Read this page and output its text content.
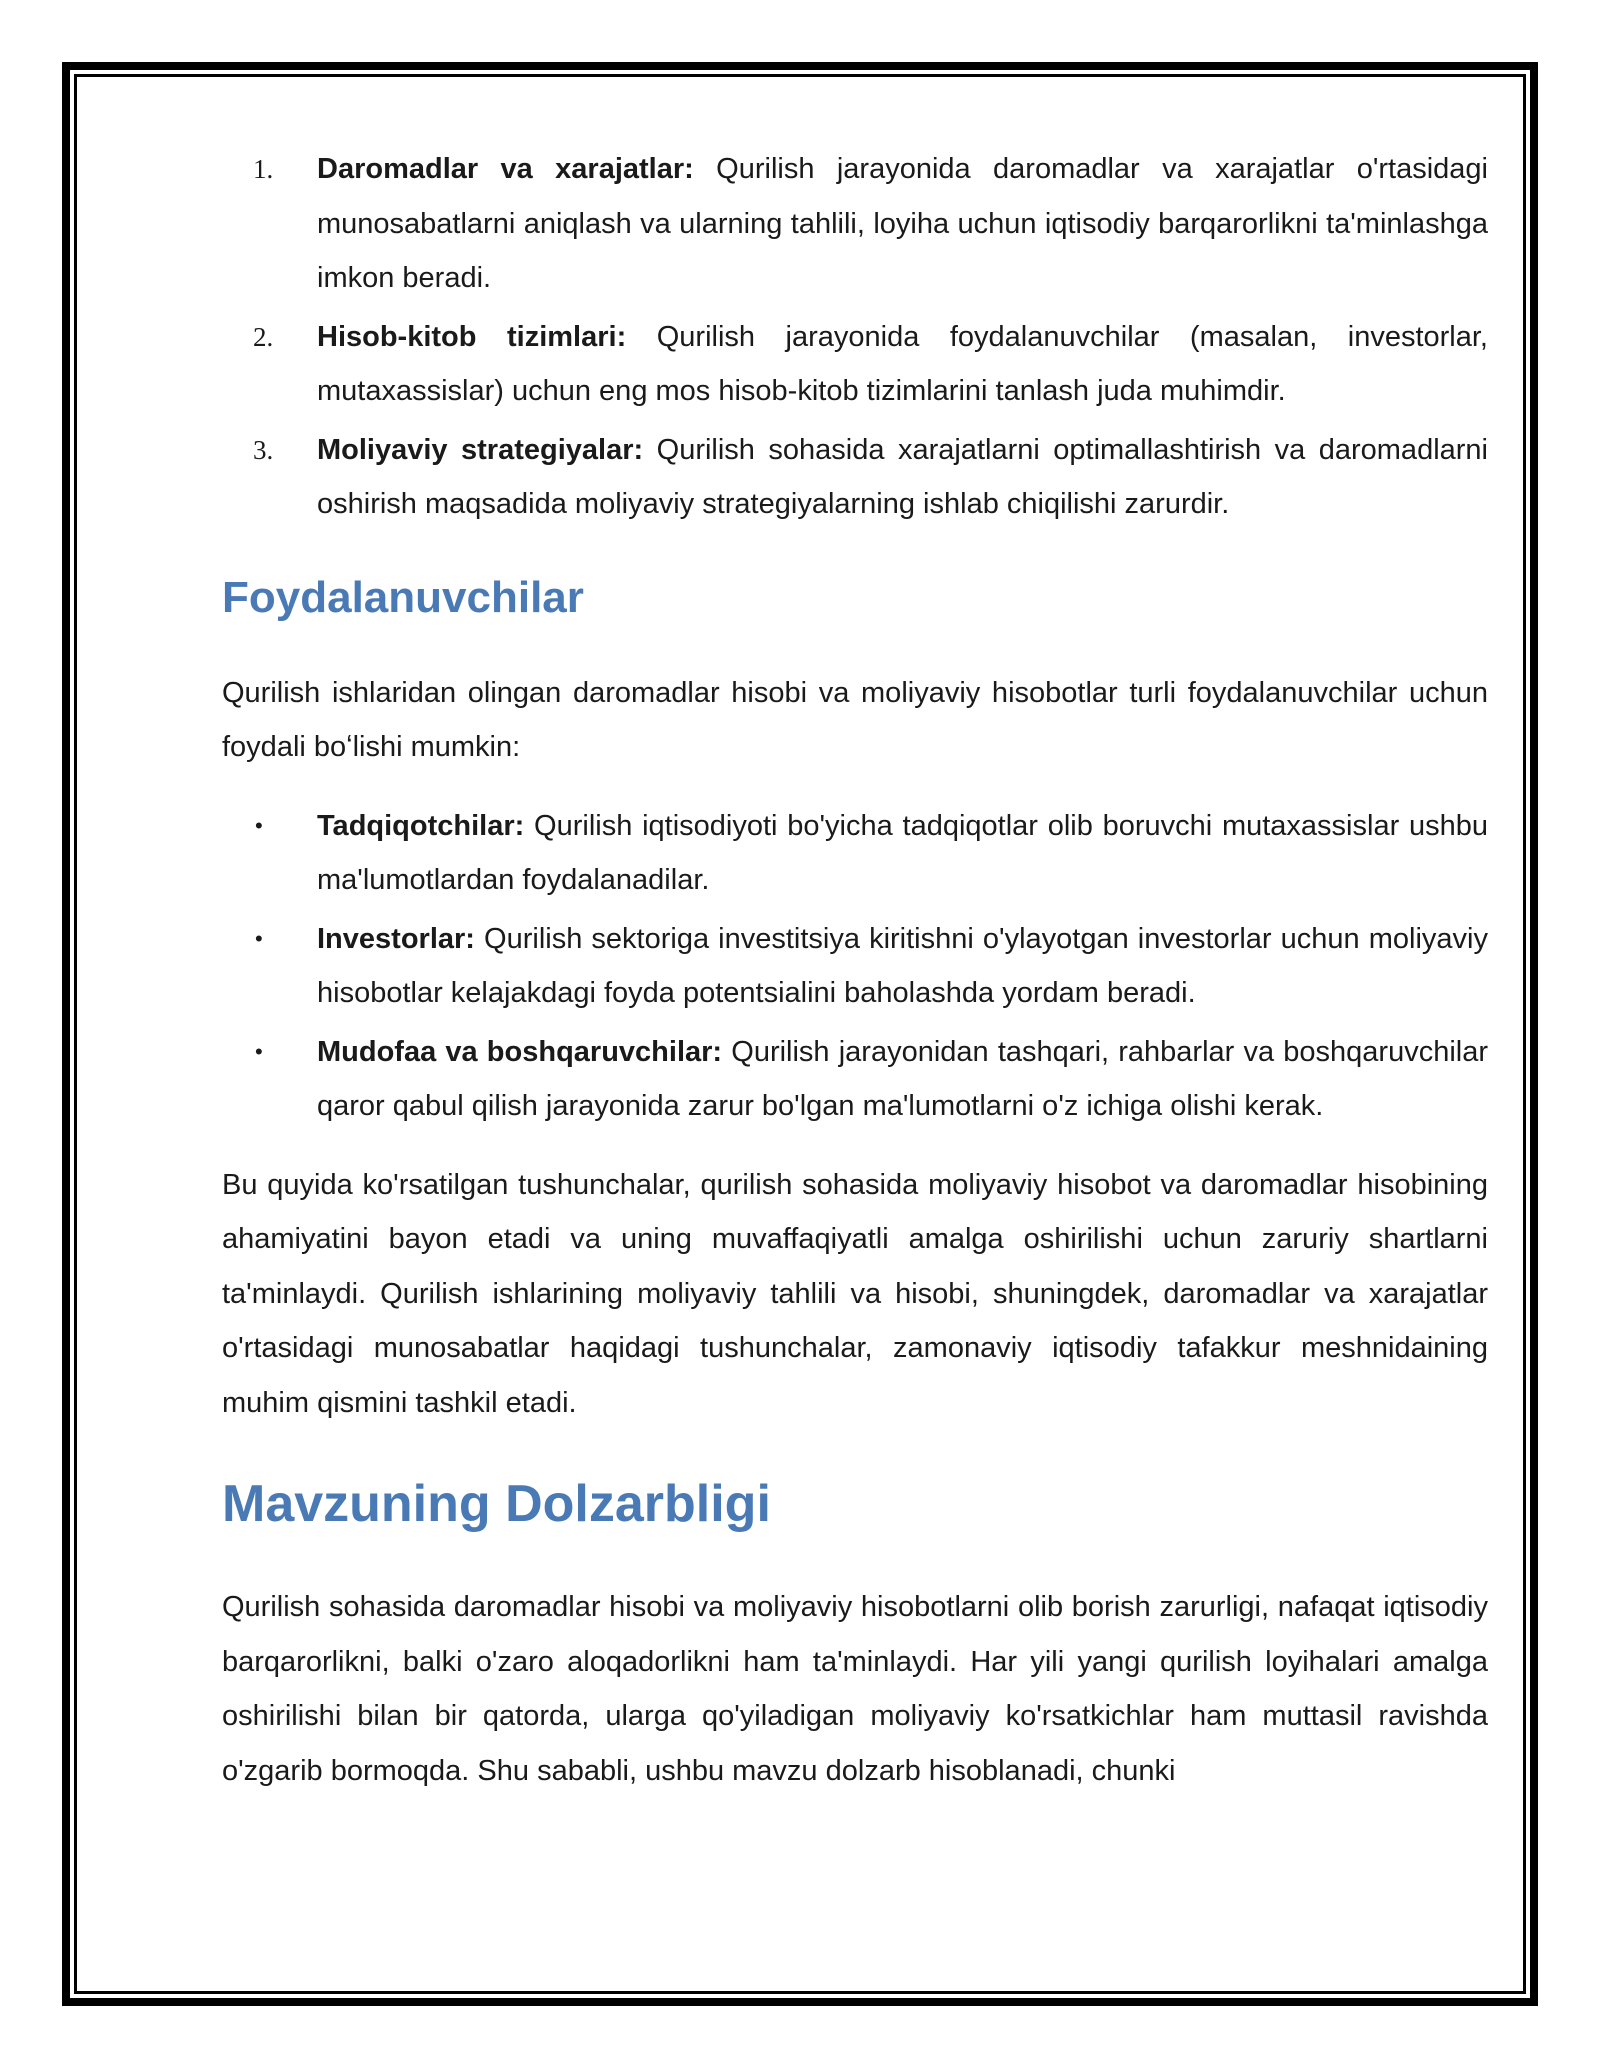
1. Daromadlar va xarajatlar: Qurilish jarayonida daromadlar va xarajatlar o'rtasidagi munosabatlarni aniqlash va ularning tahlili, loyiha uchun iqtisodiy barqarorlikni ta'minlashga imkon beradi.
2. Hisob-kitob tizimlari: Qurilish jarayonida foydalanuvchilar (masalan, investorlar, mutaxassislar) uchun eng mos hisob-kitob tizimlarini tanlash juda muhimdir.
3. Moliyaviy strategiyalar: Qurilish sohasida xarajatlarni optimallashtirish va daromadlarni oshirish maqsadida moliyaviy strategiyalarning ishlab chiqilishi zarurdir.
Foydalanuvchilar

Qurilish ishlaridan olingan daromadlar hisobi va moliyaviy hisobotlar turli foydalanuvchilar uchun foydali boʻlishi mumkin:

• Tadqiqotchilar: Qurilish iqtisodiyoti bo'yicha tadqiqotlar olib boruvchi mutaxassislar ushbu ma'lumotlardan foydalanadilar.
• Investorlar: Qurilish sektoriga investitsiya kiritishni o'ylayotgan investorlar uchun moliyaviy hisobotlar kelajakdagi foyda potentsialini baholashda yordam beradi.
• Mudofaa va boshqaruvchilar: Qurilish jarayonidan tashqari, rahbarlar va boshqaruvchilar qaror qabul qilish jarayonida zarur bo'lgan ma'lumotlarni o'z ichiga olishi kerak.

Bu quyida ko'rsatilgan tushunchalar, qurilish sohasida moliyaviy hisobot va daromadlar hisobining ahamiyatini bayon etadi va uning muvaffaqiyatli amalga oshirilishi uchun zaruriy shartlarni ta'minlaydi. Qurilish ishlarining moliyaviy tahlili va hisobi, shuningdek, daromadlar va xarajatlar o'rtasidagi munosabatlar haqidagi tushunchalar, zamonaviy iqtisodiy tafakkur meshnidaining muhim qismini tashkil etadi.

Mavzuning Dolzarbligi

Qurilish sohasida daromadlar hisobi va moliyaviy hisobotlarni olib borish zarurligi, nafaqat iqtisodiy barqarorlikni, balki o'zaro aloqadorlikni ham ta'minlaydi. Har yili yangi qurilish loyihalari amalga oshirilishi bilan bir qatorda, ularga qo'yiladigan moliyaviy ko'rsatkichlar ham muttasil ravishda o'zgarib bormoqda. Shu sababli, ushbu mavzu dolzarb hisoblanadi, chunki
